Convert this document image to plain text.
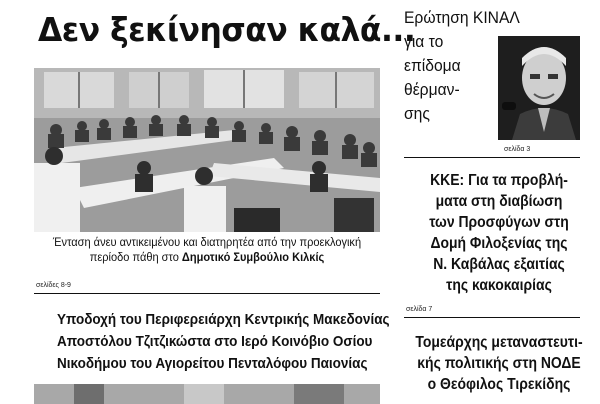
Δεν ξεκίνησαν καλά...
Ένταση άνευ αντικειμένου και διατηρητέα από την προεκλογική περίοδο πάθη στο Δημοτικό Συμβούλιο Κιλκίς
σελίδες 8-9
Υποδοχή του Περιφερειάρχη Κεντρικής Μακεδονίας
Αποστόλου Τζιτζικώστα στο Ιερό Κοινόβιο Οσίου
Νικοδήμου του Αγιορείτου Πενταλόφου Παιονίας
Ερώτηση ΚΙΝΑΛ
για το
επίδομα
θέρμαν-
σης
σελίδα 3
ΚΚΕ: Για τα προβλή-
ματα στη διαβίωση
των Προσφύγων στη
Δομή Φιλοξενίας της
Ν. Καβάλας εξαιτίας
της κακοκαιρίας
σελίδα 7
Τομεάρχης μεταναστευτι-
κής πολιτικής στη ΝΟΔΕ
ο Θεόφιλος Τιρεκίδης
